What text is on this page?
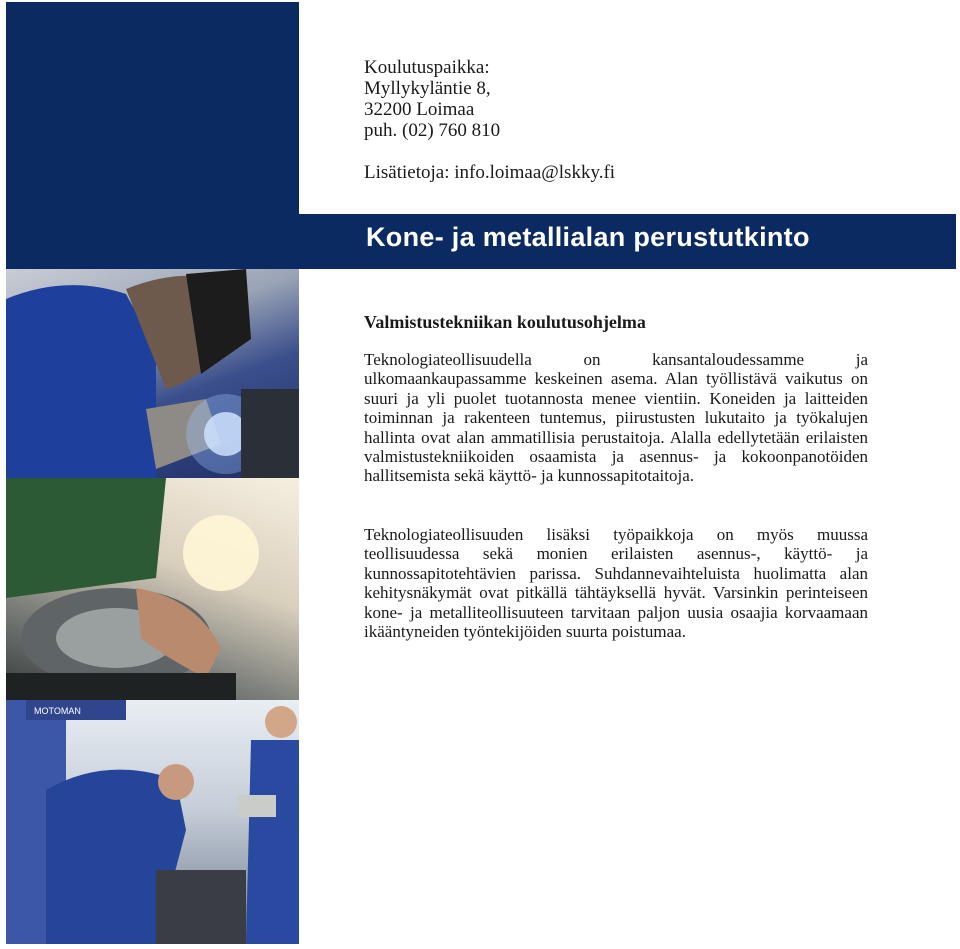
Koulutuspaikka:
Myllykyläntie 8,
32200 Loimaa
puh. (02) 760 810
Lisätietoja: info.loimaa@lskky.fi
Kone- ja metallialan perustutkinto
MOTOMAN
Valmistustekniikan koulutusohjelma

Teknologiateollisuudella on kansantaloudessamme ja ulkomaankaupassamme keskeinen asema. Alan työllistävä vaikutus on suuri ja yli puolet tuotannosta menee vientiin. Koneiden ja laitteiden toiminnan ja rakenteen tuntemus, piirustusten lukutaito ja työkalujen hallinta ovat alan ammatillisia perustaitoja. Alalla edellytetään erilaisten valmistustekniikoiden osaamista ja asennus- ja kokoonpanotöiden hallitsemista sekä käyttö- ja kunnossapitotaitoja.

Teknologiateollisuuden lisäksi työpaikkoja on myös muussa teollisuudessa sekä monien erilaisten asennus-, käyttö- ja kunnossapitotehtävien parissa. Suhdannevaihteluista huolimatta alan kehitysnäkymät ovat pitkällä tähtäyksellä hyvät. Varsinkin perinteiseen kone- ja metalliteollisuuteen tarvitaan paljon uusia osaajia korvaamaan ikääntyneiden työntekijöiden suurta poistumaa.
